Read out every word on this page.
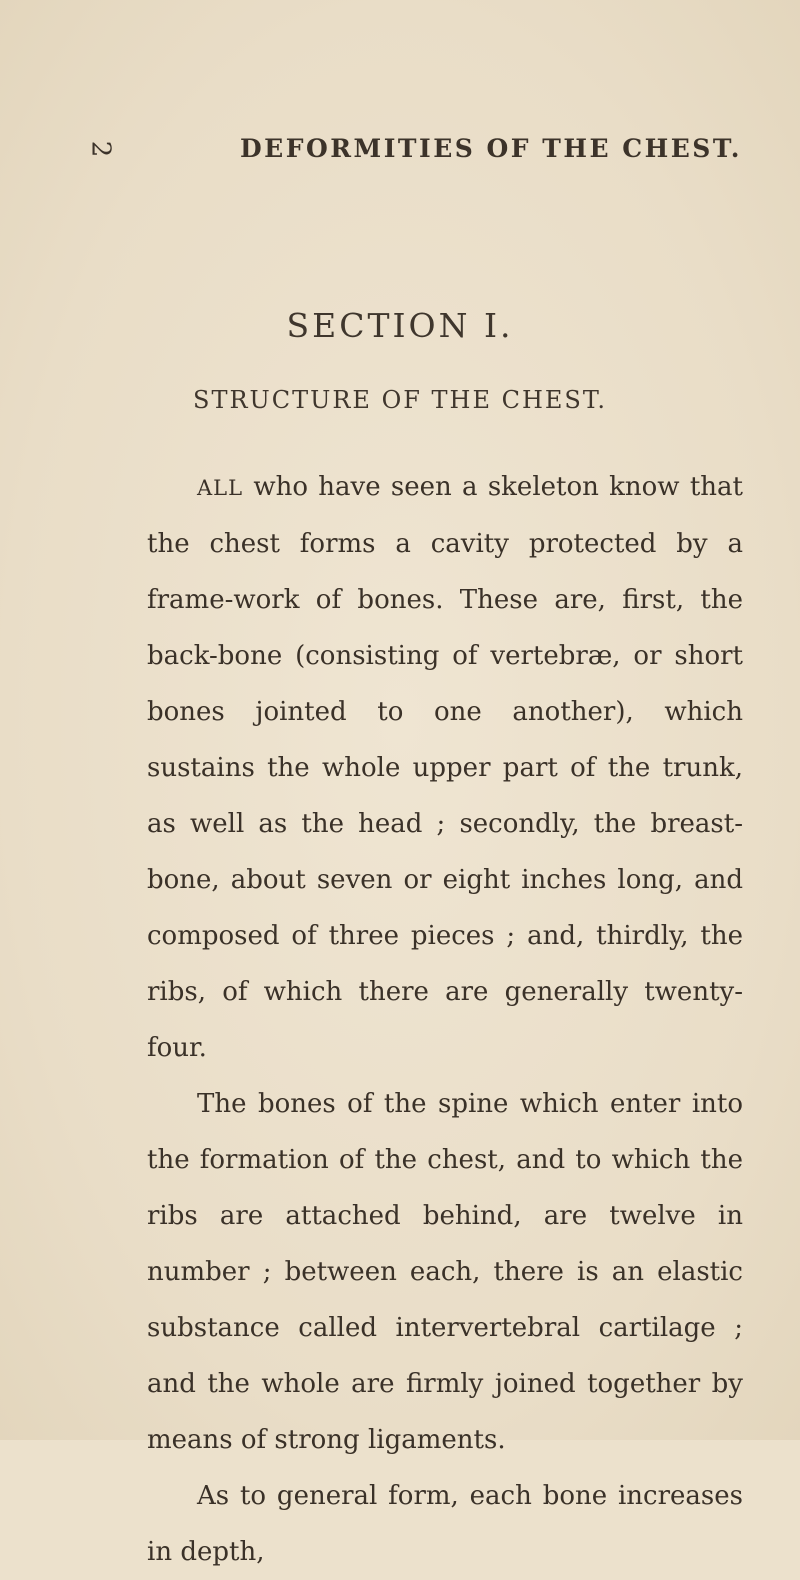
2	DEFORMITIES OF THE CHEST.
SECTION I.
STRUCTURE OF THE CHEST.

ALL who have seen a skeleton know that the chest forms a cavity protected by a frame-work of bones. These are, first, the back-bone (consisting of vertebræ, or short bones jointed to one another), which sustains the whole upper part of the trunk, as well as the head ; secondly, the breast-bone, about seven or eight inches long, and composed of three pieces ; and, thirdly, the ribs, of which there are generally twenty-four.

The bones of the spine which enter into the formation of the chest, and to which the ribs are attached behind, are twelve in number ; between each, there is an elastic substance called intervertebral cartilage ; and the whole are firmly joined together by means of strong ligaments.

As to general form, each bone increases in depth,
